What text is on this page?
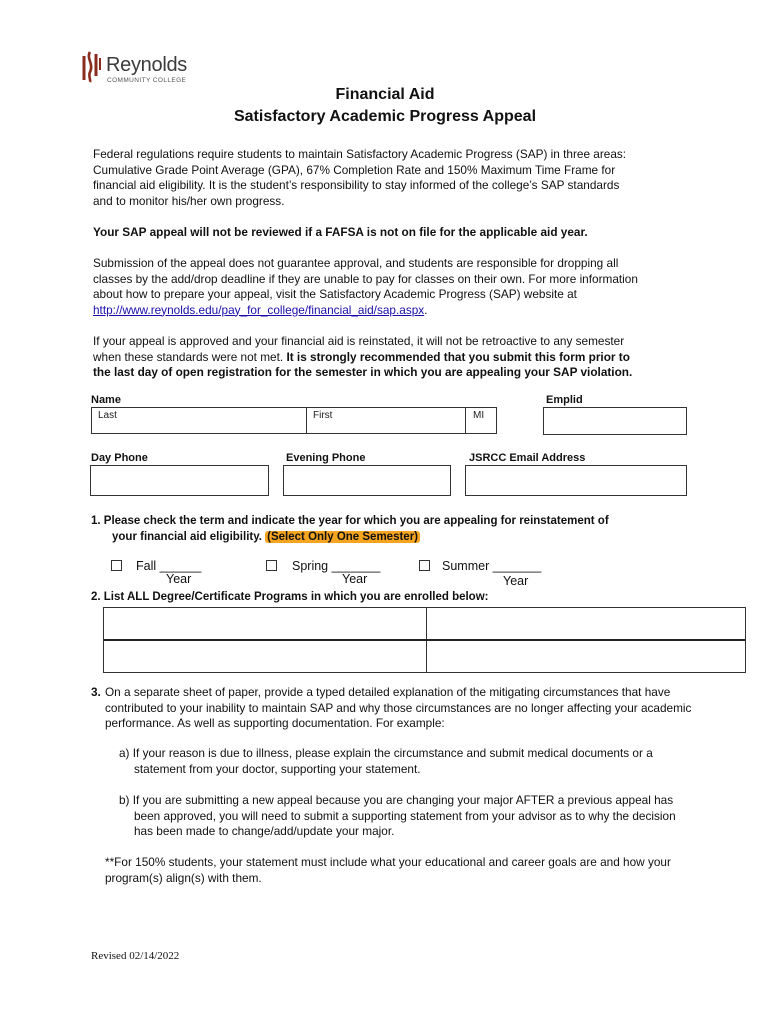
Reynolds
COMMUNITY COLLEGE
Financial Aid
Satisfactory Academic Progress Appeal
Federal regulations require students to maintain Satisfactory Academic Progress (SAP) in three areas:
Cumulative Grade Point Average (GPA), 67% Completion Rate and 150% Maximum Time Frame for
financial aid eligibility. It is the student’s responsibility to stay informed of the college’s SAP standards
and to monitor his/her own progress.
Your SAP appeal will not be reviewed if a FAFSA is not on file for the applicable aid year.
Submission of the appeal does not guarantee approval, and students are responsible for dropping all
classes by the add/drop deadline if they are unable to pay for classes on their own. For more information
about how to prepare your appeal, visit the Satisfactory Academic Progress (SAP) website at
http://www.reynolds.edu/pay_for_college/financial_aid/sap.aspx.
If your appeal is approved and your financial aid is reinstated, it will not be retroactive to any semester
when these standards were not met. It is strongly recommended that you submit this form prior to
the last day of open registration for the semester in which you are appealing your SAP violation.
Name	Emplid
Last	First	MI
Day Phone	Evening Phone	JSRCC Email Address
1. Please check the term and indicate the year for which you are appealing for reinstatement of
your financial aid eligibility. (Select Only One Semester)
Fall ______
Year
Spring _______
Year
Summer _______
Year
2. List ALL Degree/Certificate Programs in which you are enrolled below:
3. On a separate sheet of paper, provide a typed detailed explanation of the mitigating circumstances that have
contributed to your inability to maintain SAP and why those circumstances are no longer affecting your academic
performance. As well as supporting documentation. For example:
a) If your reason is due to illness, please explain the circumstance and submit medical documents or a
statement from your doctor, supporting your statement.
b) If you are submitting a new appeal because you are changing your major AFTER a previous appeal has
been approved, you will need to submit a supporting statement from your advisor as to why the decision
has been made to change/add/update your major.
**For 150% students, your statement must include what your educational and career goals are and how your
program(s) align(s) with them.
Revised 02/14/2022
